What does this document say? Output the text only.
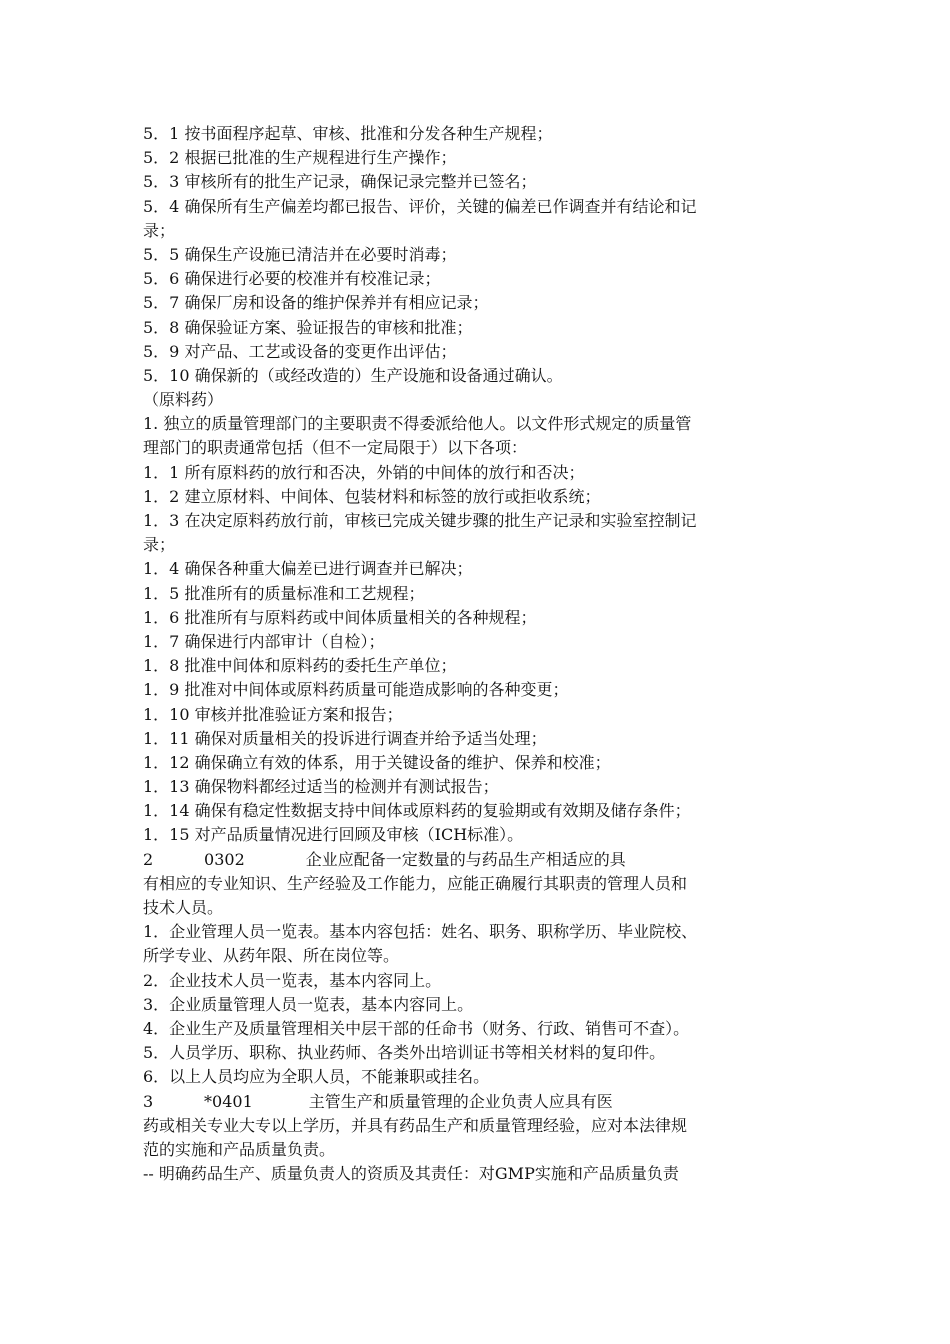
5．1 按书面程序起草、审核、批准和分发各种生产规程；
5．2 根据已批准的生产规程进行生产操作；
5．3 审核所有的批生产记录，确保记录完整并已签名；
5．4 确保所有生产偏差均都已报告、评价，关键的偏差已作调查并有结论和记
录；
5．5 确保生产设施已清洁并在必要时消毒；
5．6 确保进行必要的校准并有校准记录；
5．7 确保厂房和设备的维护保养并有相应记录；
5．8 确保验证方案、验证报告的审核和批准；
5．9 对产品、工艺或设备的变更作出评估；
5．10 确保新的（或经改造的）生产设施和设备通过确认。
（原料药）
1. 独立的质量管理部门的主要职责不得委派给他人。以文件形式规定的质量管
理部门的职责通常包括（但不一定局限于）以下各项：
1．1 所有原料药的放行和否决，外销的中间体的放行和否决；
1．2 建立原材料、中间体、包装材料和标签的放行或拒收系统；
1．3 在决定原料药放行前，审核已完成关键步骤的批生产记录和实验室控制记
录；
1．4 确保各种重大偏差已进行调查并已解决；
1．5 批准所有的质量标准和工艺规程；
1．6 批准所有与原料药或中间体质量相关的各种规程；
1．7 确保进行内部审计（自检）；
1．8 批准中间体和原料药的委托生产单位；
1．9 批准对中间体或原料药质量可能造成影响的各种变更；
1．10 审核并批准验证方案和报告；
1．11 确保对质量相关的投诉进行调查并给予适当处理；
1．12 确保确立有效的体系，用于关键设备的维护、保养和校准；
1．13 确保物料都经过适当的检测并有测试报告；
1．14 确保有稳定性数据支持中间体或原料药的复验期或有效期及储存条件；
1．15 对产品质量情况进行回顾及审核（ICH标准）。
2          0302            企业应配备一定数量的与药品生产相适应的具
有相应的专业知识、生产经验及工作能力，应能正确履行其职责的管理人员和
技术人员。
1．企业管理人员一览表。基本内容包括：姓名、职务、职称学历、毕业院校、
所学专业、从药年限、所在岗位等。
2．企业技术人员一览表，基本内容同上。
3．企业质量管理人员一览表，基本内容同上。
4．企业生产及质量管理相关中层干部的任命书（财务、行政、销售可不查）。
5．人员学历、职称、执业药师、各类外出培训证书等相关材料的复印件。
6．以上人员均应为全职人员，不能兼职或挂名。
3          *0401           主管生产和质量管理的企业负责人应具有医
药或相关专业大专以上学历，并具有药品生产和质量管理经验，应对本法律规
范的实施和产品质量负责。
-- 明确药品生产、质量负责人的资质及其责任：对GMP实施和产品质量负责
